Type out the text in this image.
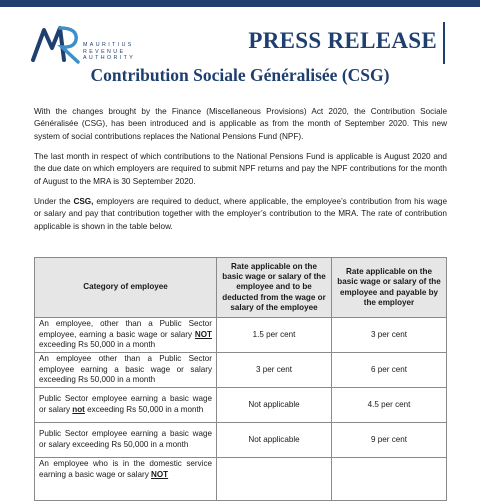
MAURITIUS
REVENUE
AUTHORITY
PRESS RELEASE
Contribution Sociale Généralisée (CSG)

With the changes brought by the Finance (Miscellaneous Provisions) Act 2020, the Contribution Sociale Généralisée (CSG), has been introduced and is applicable as from the month of September 2020. This new system of social contributions replaces the National Pensions Fund (NPF).

The last month in respect of which contributions to the National Pensions Fund is applicable is August 2020 and the due date on which employers are required to submit NPF returns and pay the NPF contributions for the month of August to the MRA is 30 September 2020.

Under the CSG, employers are required to deduct, where applicable, the employee’s contribution from his wage or salary and pay that contribution together with the employer’s contribution to the MRA. The rate of contribution applicable is shown in the table below.

Category of employee	Rate applicable on the basic wage or salary of the employee and to be deducted from the wage or salary of the employee	Rate applicable on the basic wage or salary of the employee and payable by the employer
An employee, other than a Public Sector employee, earning a basic wage or salary NOT exceeding Rs 50,000 in a month	1.5 per cent	3 per cent
An employee other than a Public Sector employee earning a basic wage or salary exceeding Rs 50,000 in a month	3 per cent	6 per cent
Public Sector employee earning a basic wage or salary not exceeding Rs 50,000 in a month	Not applicable	4.5 per cent
Public Sector employee earning a basic wage or salary exceeding Rs 50,000 in a month	Not applicable	9 per cent
An employee who is in the domestic service earning a basic wage or salary NOT		
